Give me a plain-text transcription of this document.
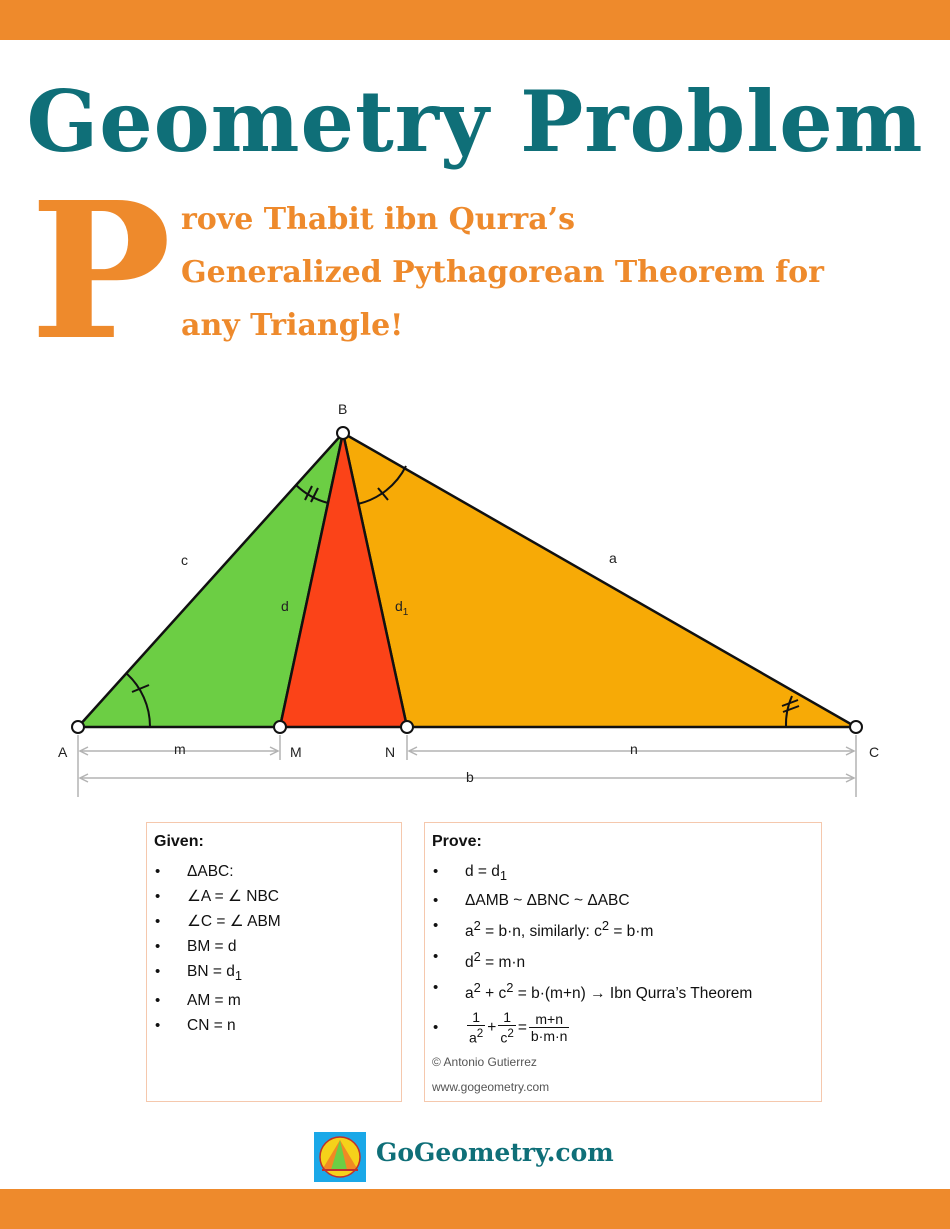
Geometry Problem
P rove Thabit ibn Qurra’s
Generalized Pythagorean Theorem for
any Triangle!
A
B
C
M	N
c	a
d	$d_1$
m	n
b
Given:
• ΔABC:
• ∠A = ∠ NBC
• ∠C = ∠ ABM
• BM = d
• BN = $d_1$
• AM = m
• CN = n
Prove:
• $d = d_1$
• ΔAMB ~ ΔBNC ~ ΔABC
• $a^2 = b\cdot n$, similarly: $c^2 = b\cdot m$
• $d^2 = m\cdot n$
• $a^2 + c^2 = b\cdot(m+n)$ → Ibn Qurra’s Theorem
• $\frac{1}{a^2} + \frac{1}{c^2} = \frac{m+n}{b\cdot m\cdot n}$
© Antonio Gutierrez
www.gogeometry.com
GoGeometry.com
